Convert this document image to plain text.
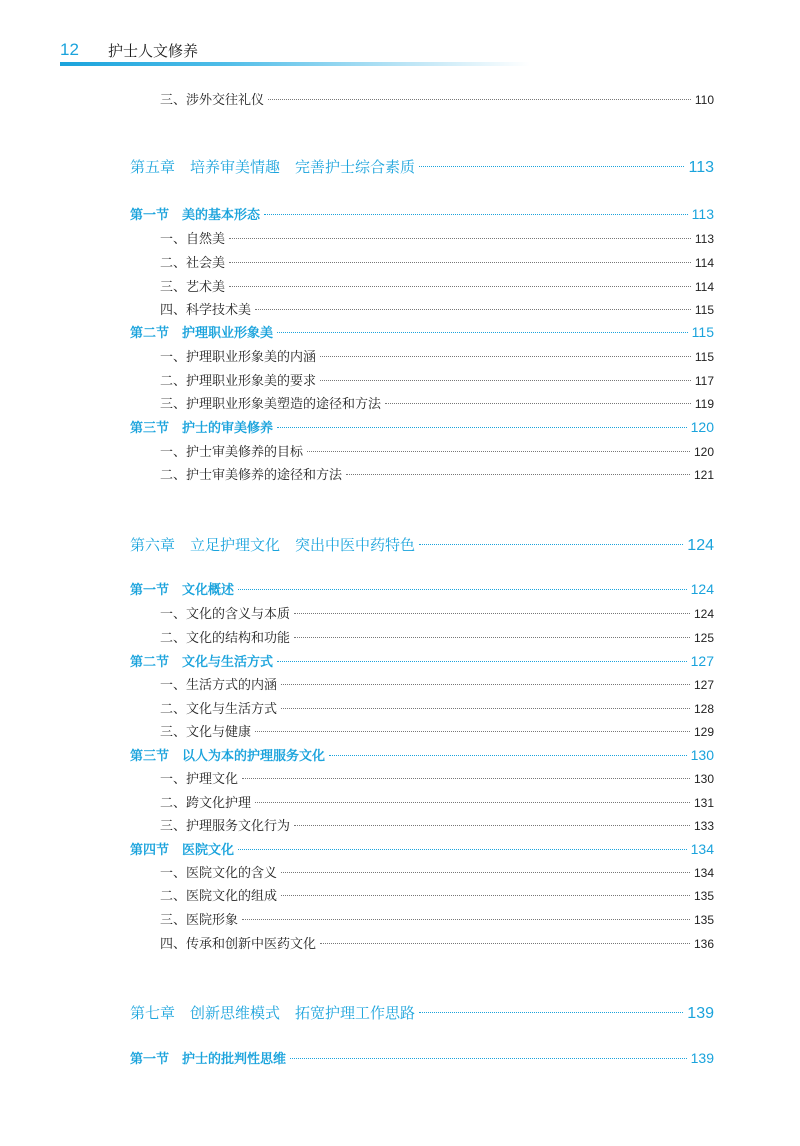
12 护士人文修养
三、涉外交往礼仪	110
第五章　培养审美情趣　完善护士综合素质	113
第一节　美的基本形态	113
一、自然美	113
二、社会美	114
三、艺术美	114
四、科学技术美	115
第二节　护理职业形象美	115
一、护理职业形象美的内涵	115
二、护理职业形象美的要求	117
三、护理职业形象美塑造的途径和方法	119
第三节　护士的审美修养	120
一、护士审美修养的目标	120
二、护士审美修养的途径和方法	121
第六章　立足护理文化　突出中医中药特色	124
第一节　文化概述	124
一、文化的含义与本质	124
二、文化的结构和功能	125
第二节　文化与生活方式	127
一、生活方式的内涵	127
二、文化与生活方式	128
三、文化与健康	129
第三节　以人为本的护理服务文化	130
一、护理文化	130
二、跨文化护理	131
三、护理服务文化行为	133
第四节　医院文化	134
一、医院文化的含义	134
二、医院文化的组成	135
三、医院形象	135
四、传承和创新中医药文化	136
第七章　创新思维模式　拓宽护理工作思路	139
第一节　护士的批判性思维	139
